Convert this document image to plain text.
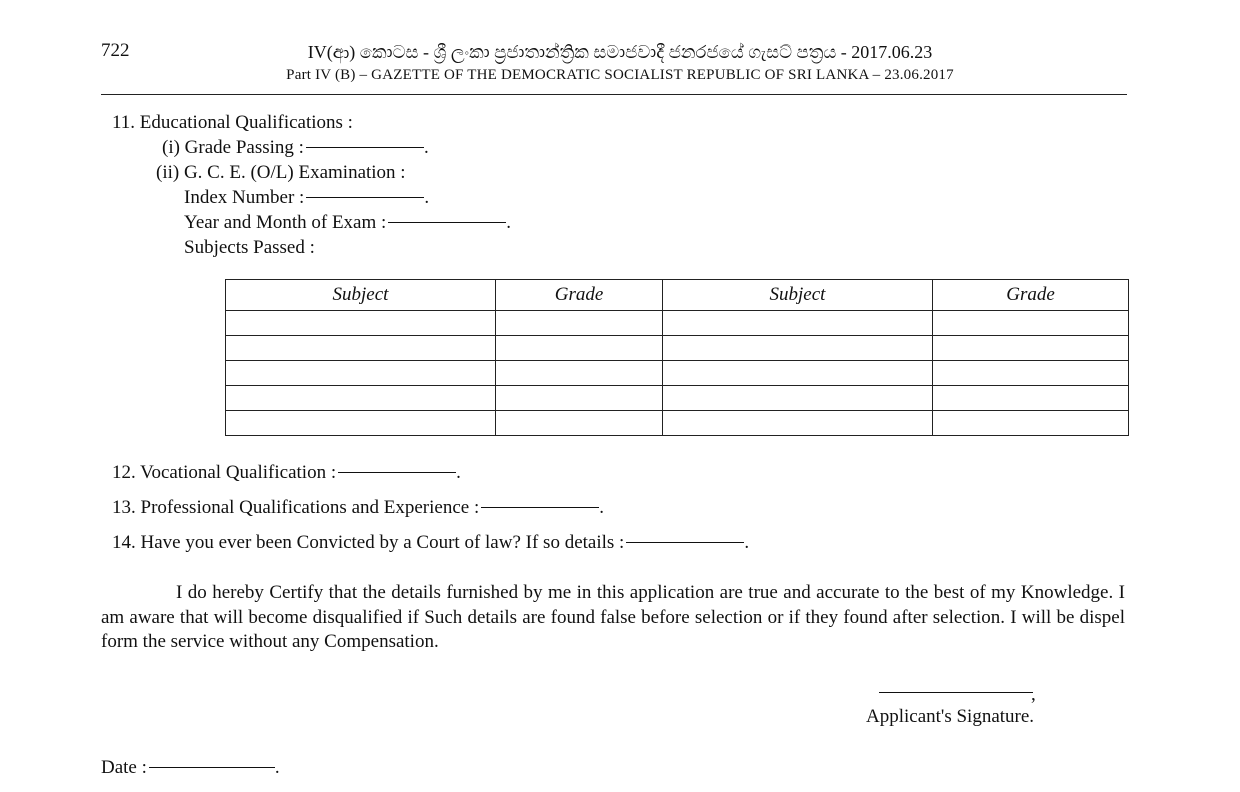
722	IV(ආ) කොටස - ශ්‍රී ලංකා ප්‍රජාතාන්ත්‍රික සමාජවාදී ජනරජයේ ගැසට් පත්‍රය - 2017.06.23
Part IV (B) – GAZETTE OF THE DEMOCRATIC SOCIALIST REPUBLIC OF SRI LANKA – 23.06.2017
11. Educational Qualifications :
(i) Grade Passing :	.
(ii) G. C. E. (O/L) Examination :
Index Number :	.
Year and Month of Exam :	.
Subjects Passed :
Subject	Grade	Subject	Grade

12. Vocational Qualification :	.
13. Professional Qualifications and Experience :	.
14. Have you ever been Convicted by a Court of law? If so details :	.
I do hereby Certify that the details furnished by me in this application are true and accurate to the best of my Knowledge. I am aware that will become disqualified if Such details are found false before selection or if they found after selection. I will be dispel form the service without any Compensation.
,
Applicant's Signature.
Date :	.
